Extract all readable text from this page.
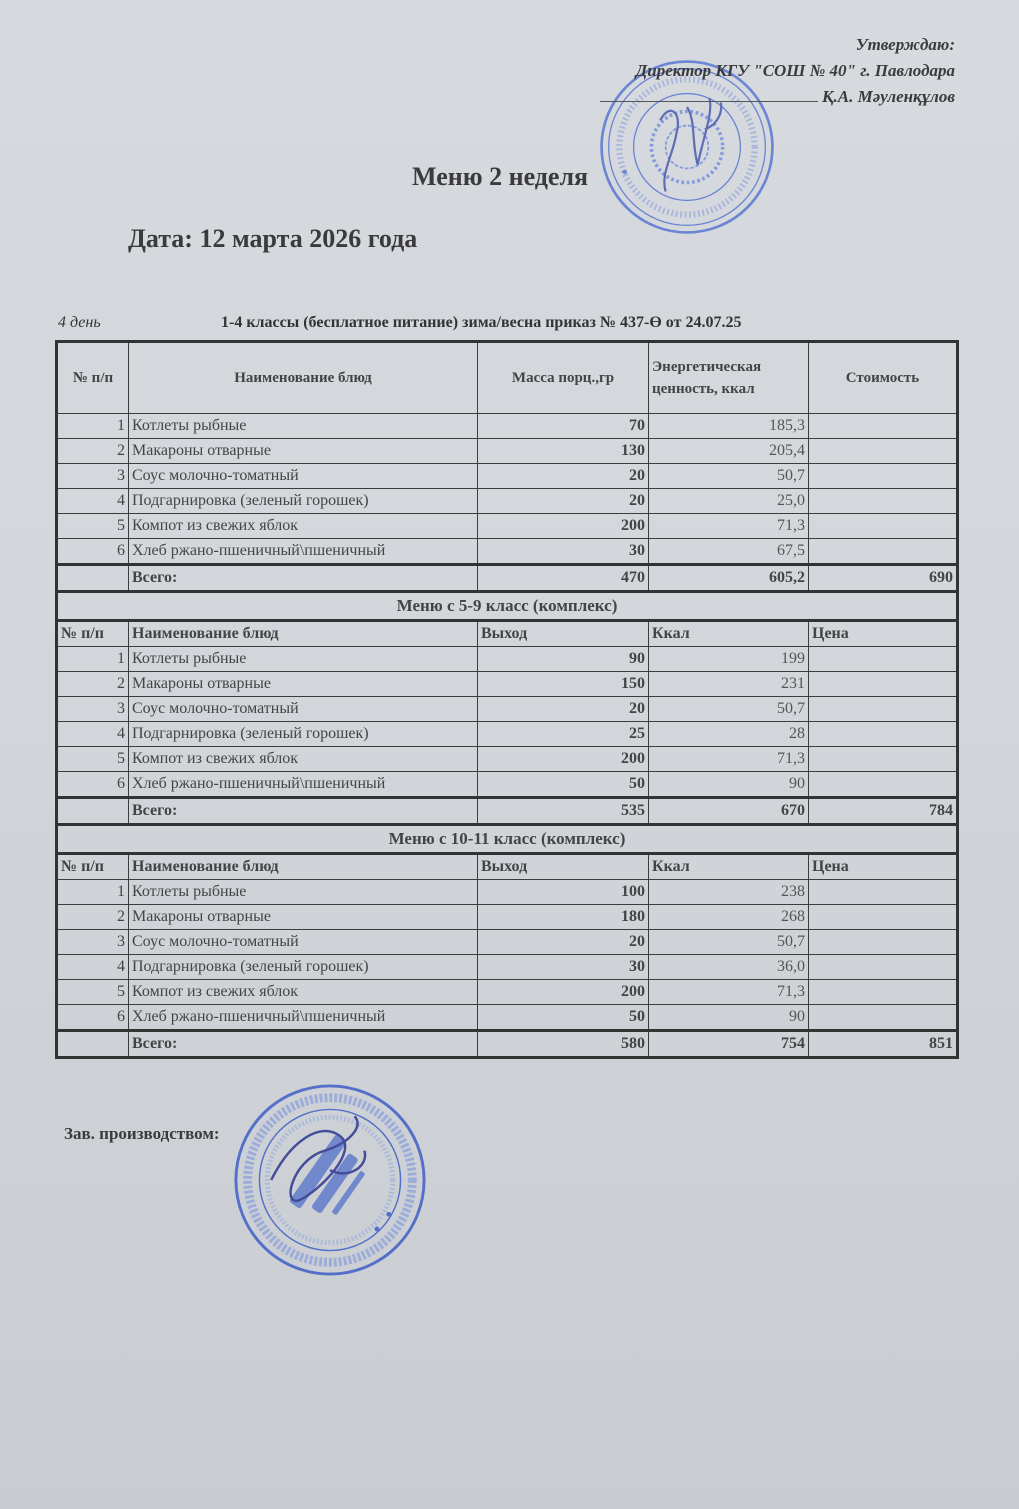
Утверждаю:
Директор КГУ "СОШ № 40" г. Павлодара
Қ.А. Мәуленқұлов
Меню 2 неделя
Дата: 12 марта 2026 года
4 день	1-4 классы (бесплатное питание) зима/весна приказ № 437-Ө от 24.07.25
№ п/п	Наименование блюд	Масса порц.,гр	Энергетическая ценность, ккал	Стоимость
1	Котлеты рыбные	70	185,3	
2	Макароны отварные	130	205,4	
3	Соус молочно-томатный	20	50,7	
4	Подгарнировка (зеленый горошек)	20	25,0	
5	Компот из свежих яблок	200	71,3	
6	Хлеб ржано-пшеничный\пшеничный	30	67,5	
	Всего:	470	605,2	690
Меню с 5-9 класс (комплекс)				
№ п/п	Наименование блюд	Выход	Ккал	Цена
1	Котлеты рыбные	90	199	
2	Макароны отварные	150	231	
3	Соус молочно-томатный	20	50,7	
4	Подгарнировка (зеленый горошек)	25	28	
5	Компот из свежих яблок	200	71,3	
6	Хлеб ржано-пшеничный\пшеничный	50	90	
	Всего:	535	670	784
Меню с 10-11 класс (комплекс)				
№ п/п	Наименование блюд	Выход	Ккал	Цена
1	Котлеты рыбные	100	238	
2	Макароны отварные	180	268	
3	Соус молочно-томатный	20	50,7	
4	Подгарнировка (зеленый горошек)	30	36,0	
5	Компот из свежих яблок	200	71,3	
6	Хлеб ржано-пшеничный\пшеничный	50	90	
	Всего:	580	754	851
Зав. производством:
